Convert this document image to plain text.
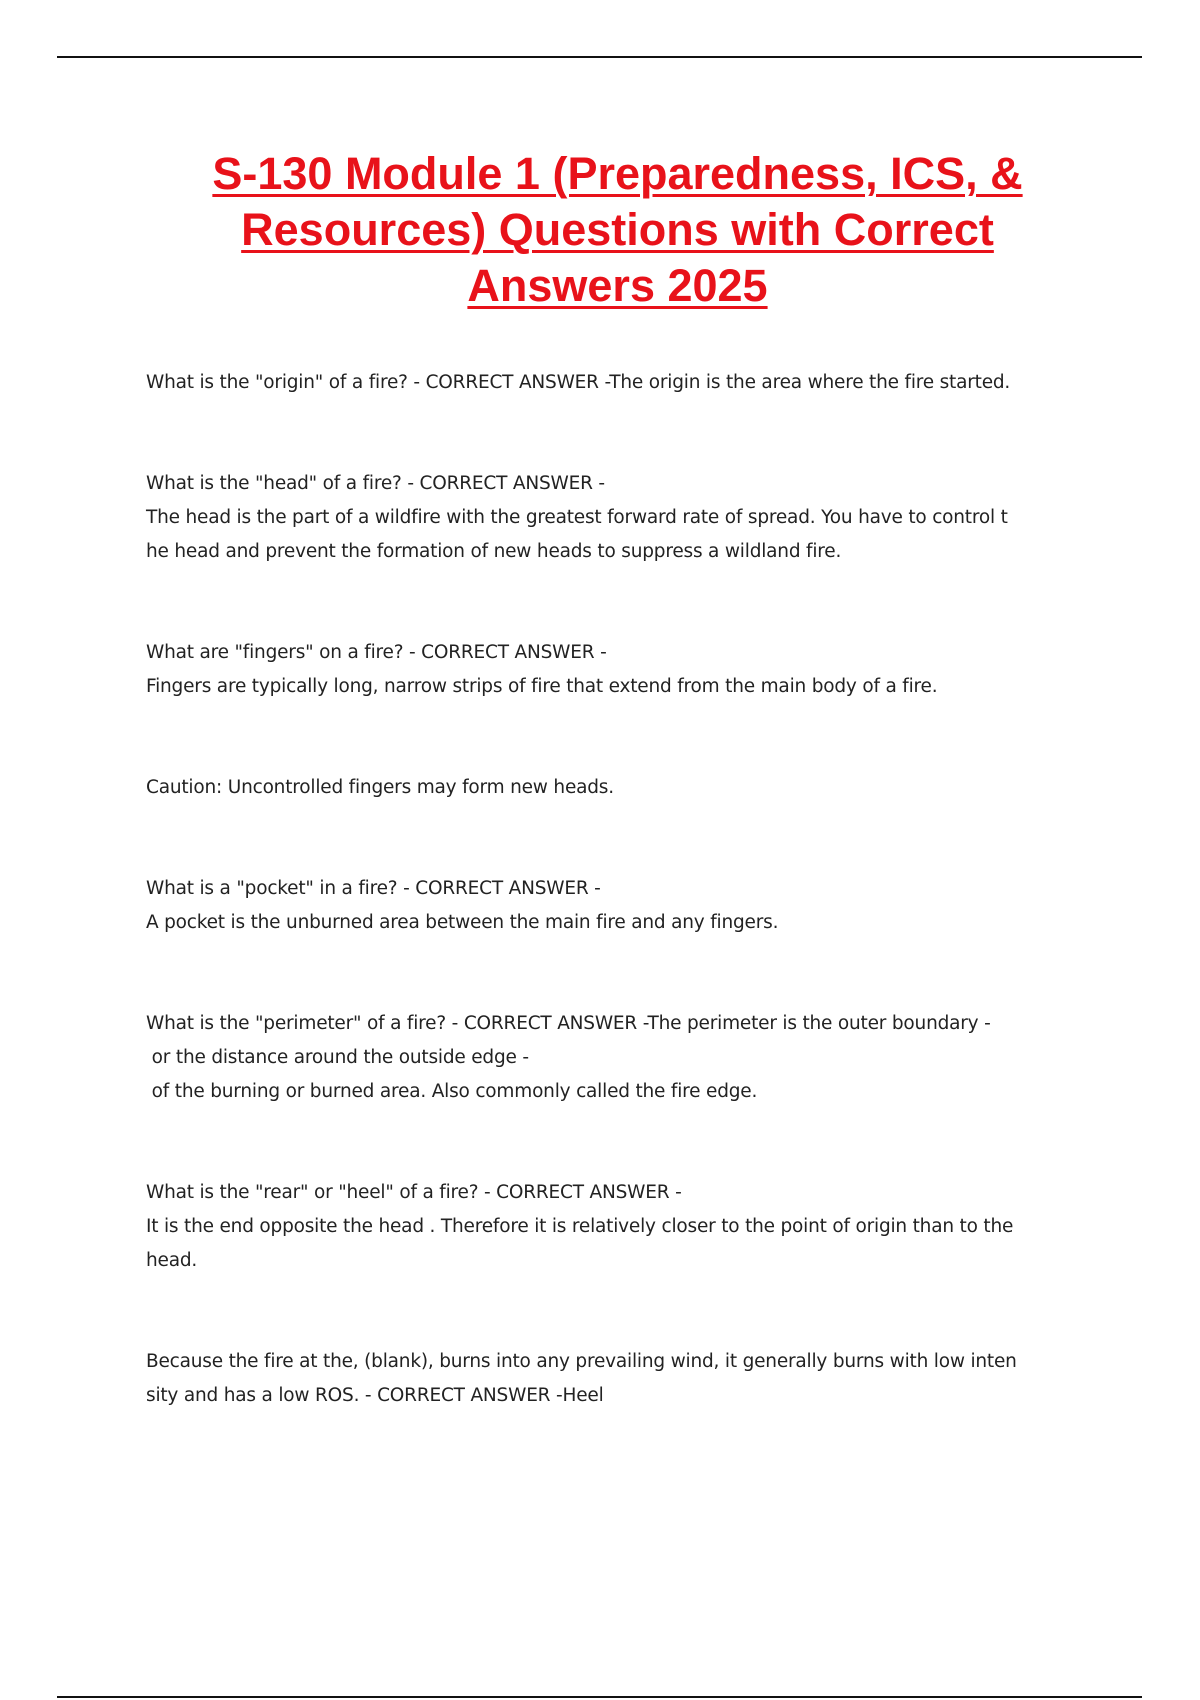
S-130 Module 1 (Preparedness, ICS, &
Resources) Questions with Correct
Answers 2025
What is the "origin" of a fire? - CORRECT ANSWER -The origin is the area where the fire started.
What is the "head" of a fire? - CORRECT ANSWER -
The head is the part of a wildfire with the greatest forward rate of spread. You have to control t
he head and prevent the formation of new heads to suppress a wildland fire.
What are "fingers" on a fire? - CORRECT ANSWER -
Fingers are typically long, narrow strips of fire that extend from the main body of a fire.
Caution: Uncontrolled fingers may form new heads.
What is a "pocket" in a fire? - CORRECT ANSWER -
A pocket is the unburned area between the main fire and any fingers.
What is the "perimeter" of a fire? - CORRECT ANSWER -The perimeter is the outer boundary -
or the distance around the outside edge -
of the burning or burned area. Also commonly called the fire edge.
What is the "rear" or "heel" of a fire? - CORRECT ANSWER -
It is the end opposite the head . Therefore it is relatively closer to the point of origin than to the
head.
Because the fire at the, (blank), burns into any prevailing wind, it generally burns with low inten
sity and has a low ROS. - CORRECT ANSWER -Heel
